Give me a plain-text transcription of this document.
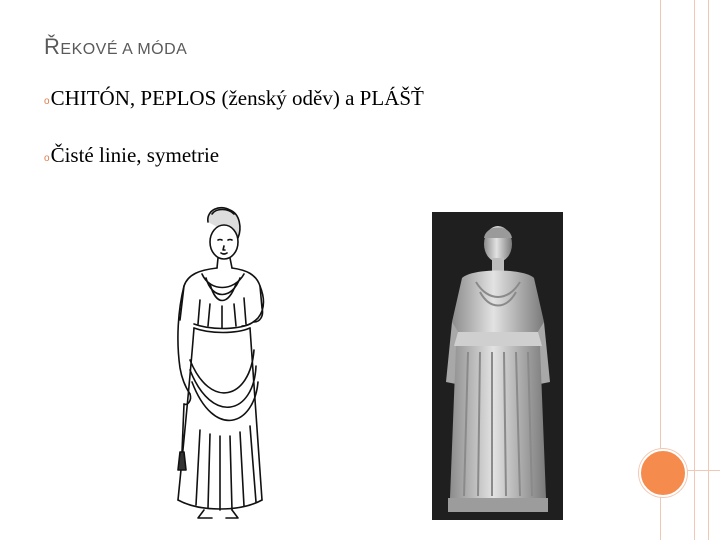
ŘEKOVÉ A MÓDA
o CHITÓN, PEPLOS (ženský oděv) a PLÁŠŤ
o Čisté linie, symetrie
